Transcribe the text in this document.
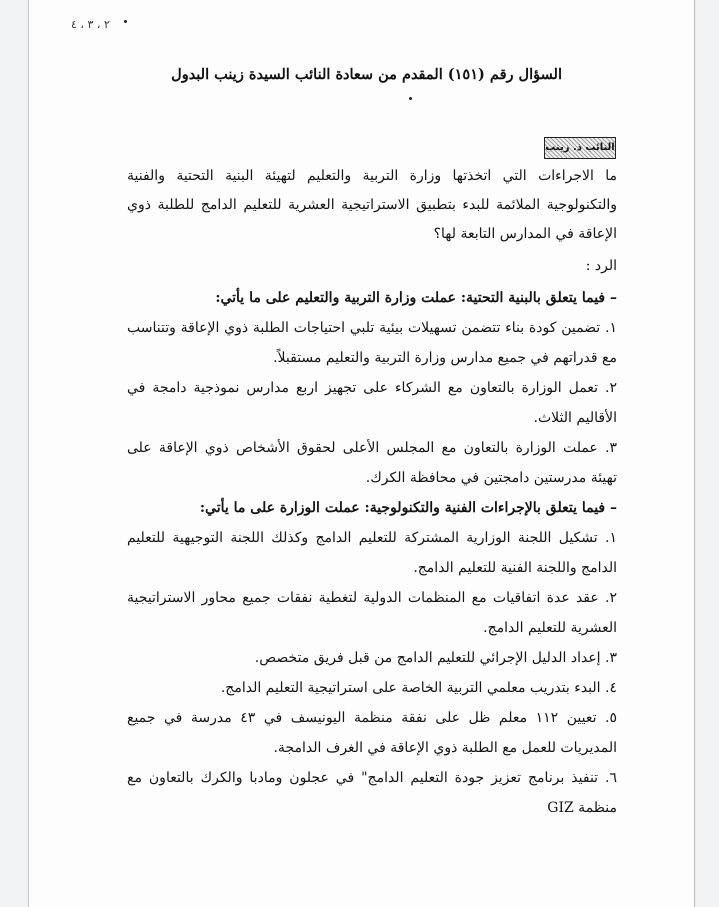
٢ ، ٣ ، ٤
السؤال رقم (١٥١) المقدم من سعادة النائب السيدة زينب البدول
النائب ذ. زينب

ما الاجراءات التي اتخذتها وزارة التربية والتعليم لتهيئة البنية التحتية والفنية والتكنولوجية الملائمة للبدء بتطبيق الاستراتيجية العشرية للتعليم الدامج للطلبة ذوي الإعاقة في المدارس التابعة لها؟

الرد :

– فيما يتعلق بالبنية التحتية: عملت وزارة التربية والتعليم على ما يأتي:

١. تضمين كودة بناء تتضمن تسهيلات بيئية تلبي احتياجات الطلبة ذوي الإعاقة وتتناسب مع قدراتهم في جميع مدارس وزارة التربية والتعليم مستقبلاً.

٢. تعمل الوزارة بالتعاون مع الشركاء على تجهيز اربع مدارس نموذجية دامجة في الأقاليم الثلاث.

٣. عملت الوزارة بالتعاون مع المجلس الأعلى لحقوق الأشخاص ذوي الإعاقة على تهيئة مدرستين دامجتين في محافظة الكرك.

– فيما يتعلق بالإجراءات الفنية والتكنولوجية: عملت الوزارة على ما يأتي:

١. تشكيل اللجنة الوزارية المشتركة للتعليم الدامج وكذلك اللجنة التوجيهية للتعليم الدامج واللجنة الفنية للتعليم الدامج.

٢. عقد عدة اتفاقيات مع المنظمات الدولية لتغطية نفقات جميع محاور الاستراتيجية العشرية للتعليم الدامج.

٣. إعداد الدليل الإجرائي للتعليم الدامج من قبل فريق متخصص.

٤. البدء بتدريب معلمي التربية الخاصة على استراتيجية التعليم الدامج.

٥. تعيين ١١٢ معلم ظل على نفقة منظمة اليونيسف في ٤٣ مدرسة في جميع المديريات للعمل مع الطلبة ذوي الإعاقة في الغرف الدامجة.

٦. تنفيذ برنامج تعزيز جودة التعليم الدامج" في عجلون ومادبا والكرك بالتعاون مع منظمة GIZ
